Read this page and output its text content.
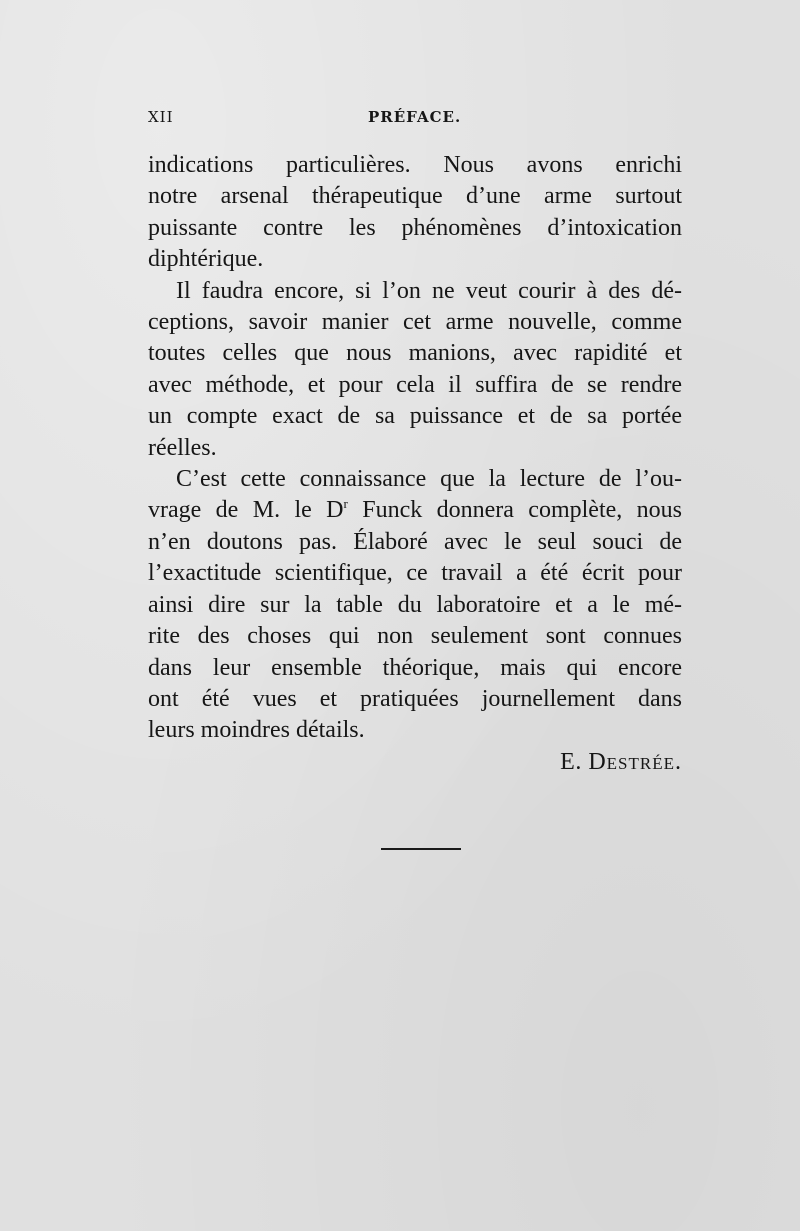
XII	PRÉFACE.

indications particulières. Nous avons enrichi
notre arsenal thérapeutique d’une arme surtout
puissante contre les phénomènes d’intoxication
diphtérique.

Il faudra encore, si l’on ne veut courir à des dé-
ceptions, savoir manier cet arme nouvelle, comme
toutes celles que nous manions, avec rapidité et
avec méthode, et pour cela il suffira de se rendre
un compte exact de sa puissance et de sa portée
réelles.

C’est cette connaissance que la lecture de l’ou-
vrage de M. le $D^r$ Funck donnera complète, nous
n’en doutons pas. Élaboré avec le seul souci de
l’exactitude scientifique, ce travail a été écrit pour
ainsi dire sur la table du laboratoire et a le mé-
rite des choses qui non seulement sont connues
dans leur ensemble théorique, mais qui encore
ont été vues et pratiquées journellement dans
leurs moindres détails.

E. Destrée.
